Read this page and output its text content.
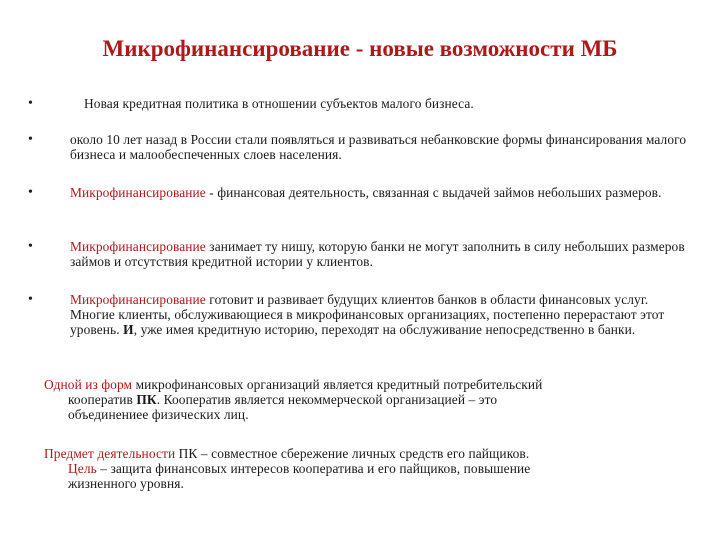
Микрофинансирование - новые возможности МБ
•	Новая кредитная политика в отношении субъектов малого бизнеса.
•	около 10 лет назад в России стали появляться и развиваться небанковские формы финансирования малого бизнеса и малообеспеченных слоев населения.
•	Микрофинансирование - финансовая деятельность, связанная с выдачей займов небольших размеров.
•	Микрофинансирование занимает ту нишу, которую банки не могут заполнить в силу небольших размеров займов и отсутствия кредитной истории у клиентов.
•	Микрофинансирование готовит и развивает будущих клиентов банков в области финансовых услуг. Многие клиенты, обслуживающиеся в микрофинансовых организациях, постепенно перерастают этот уровень. И, уже имея кредитную историю, переходят на обслуживание непосредственно в банки.
Одной из форм микрофинансовых организаций является кредитный потребительский
кооператив ПК. Кооператив является некоммерческой организацией – это
объединениее физических лиц.
Предмет деятельности ПК – совместное сбережение личных средств его пайщиков.
Цель – защита финансовых интересов кооператива и его пайщиков, повышение
жизненного уровня.
